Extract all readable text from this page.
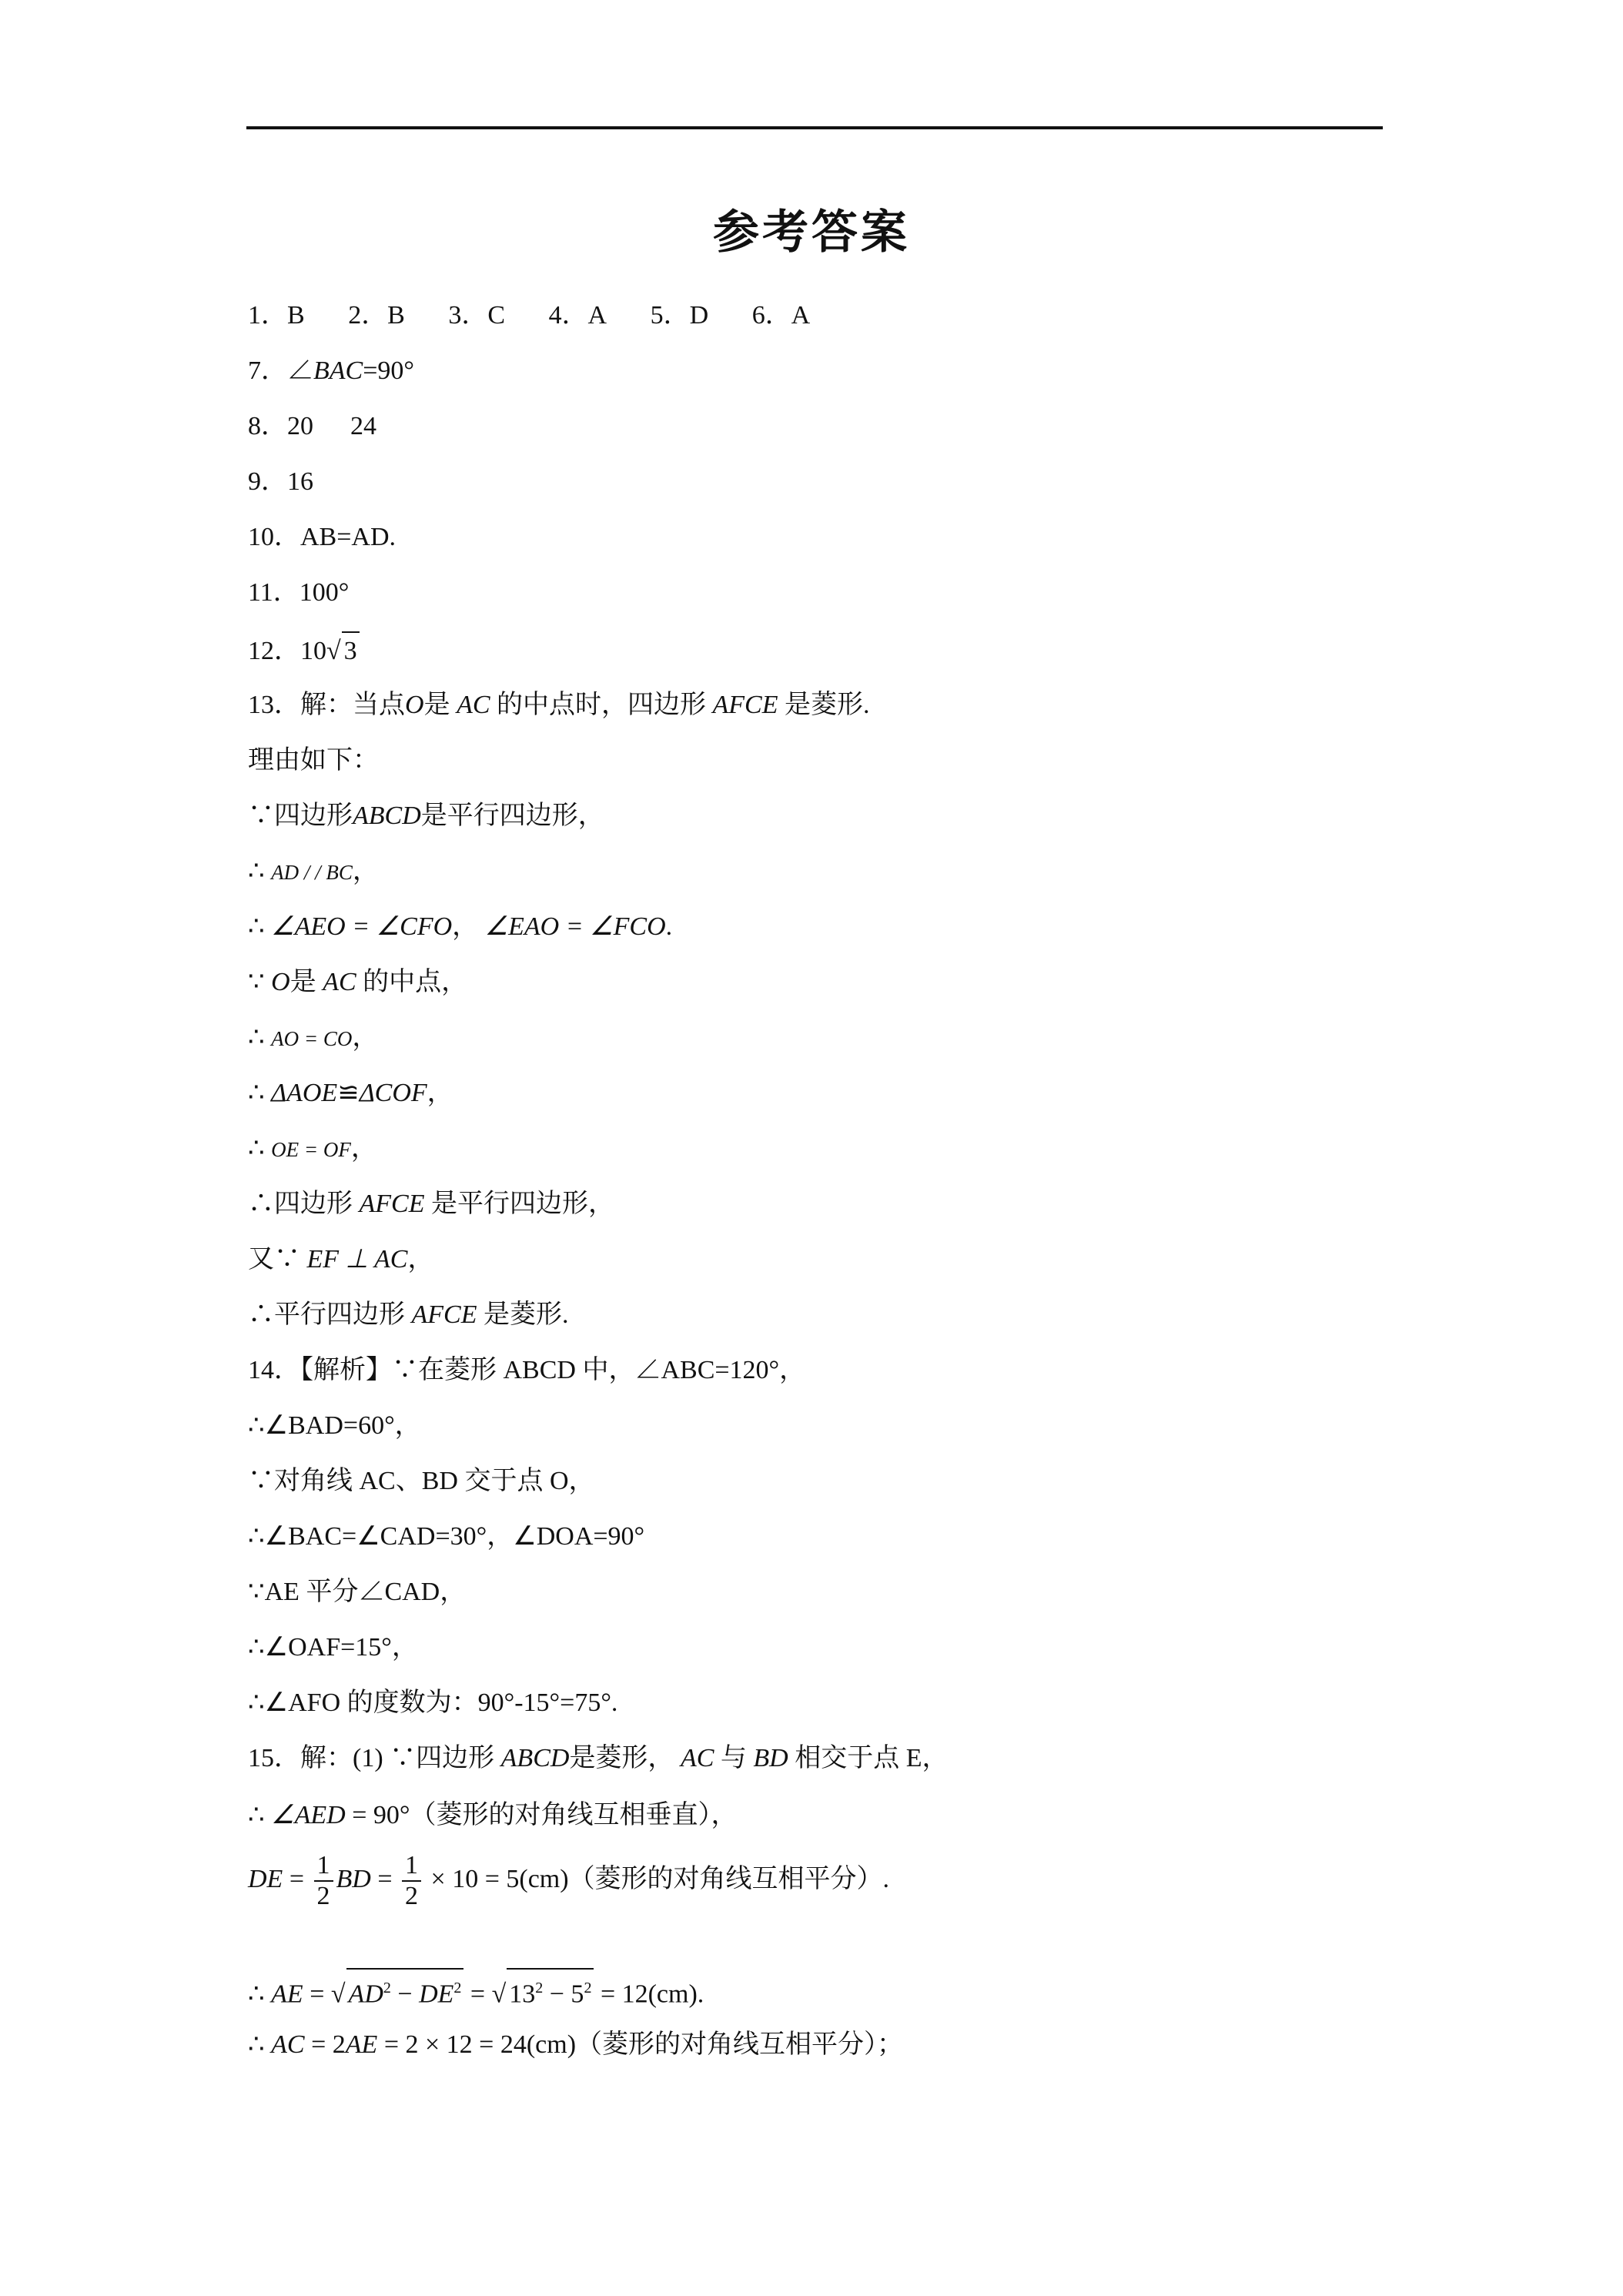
参考答案
1．B 2．B 3．C 4．A 5．D 6．A
7．∠BAC=90°
8．20 24
9．16
10．AB=AD.
11．100°
12．10√ 3
13．解：当点O是 AC 的中点时，四边形 AFCE 是菱形.
理由如下：
∵四边形ABCD是平行四边形，
∴ AD / / BC，
∴ ∠AEO = ∠CFO， ∠EAO = ∠FCO.
∵ O是 AC 的中点，
∴ AO = CO，
∴ ΔAOE≌ΔCOF，
∴ OE = OF，
∴四边形 AFCE 是平行四边形，
又∵ EF ⊥ AC，
∴平行四边形 AFCE 是菱形.
14．【解析】∵在菱形 ABCD 中，∠ABC=120°，
∴∠BAD=60°，
∵对角线 AC、BD 交于点 O，
∴∠BAC=∠CAD=30°，∠DOA=90°
∵AE 平分∠CAD，
∴∠OAF=15°，
∴∠AFO 的度数为：90°-15°=75°.
15．解：(1) ∵四边形 ABCD是菱形， AC 与 BD 相交于点 E，
∴ ∠AED = 90°（菱形的对角线互相垂直），
DE = $\frac{1}{2}$ BD = $\frac{1}{2} \times 10 = 5(cm)$（菱形的对角线互相平分）.
∴ AE = √ $AD^2 - DE^2$ = √ $13^2 - 5^2 = 12(cm)$.
∴ AC = 2AE = 2 × 12 = 24(cm)（菱形的对角线互相平分）；
